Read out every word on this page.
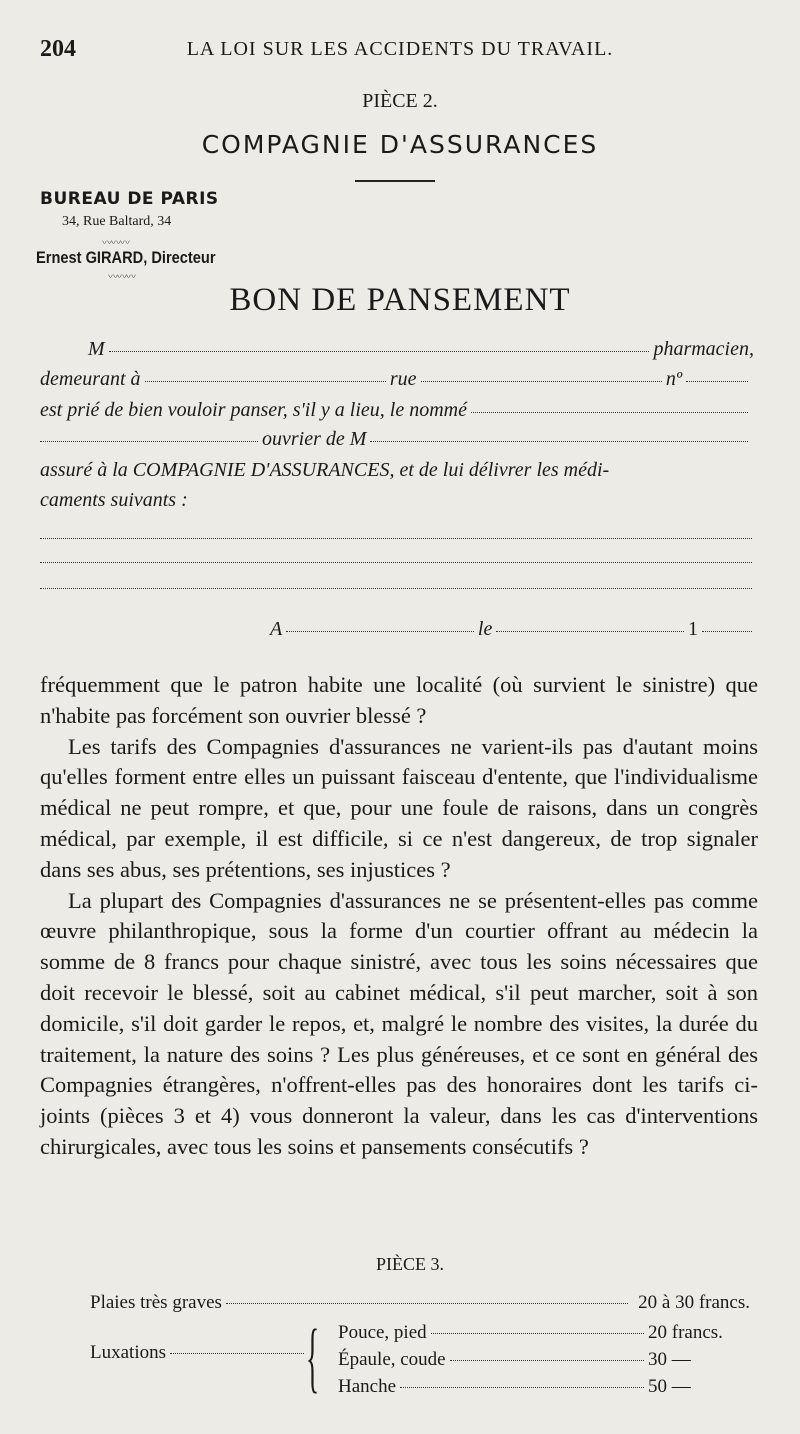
204	LA LOI SUR LES ACCIDENTS DU TRAVAIL.
PIÈCE 2.
COMPAGNIE D'ASSURANCES
BUREAU DE PARIS
34, Rue Baltard, 34
〰〰〰
Ernest GIRARD, Directeur
〰〰〰
BON DE PANSEMENT
M	pharmacien,
demeurant à	rue	nº
est prié de bien vouloir panser, s'il y a lieu, le nommé
ouvrier de M
assuré à la COMPAGNIE D'ASSURANCES, et de lui délivrer les médi-
caments suivants :
A	le	1

fréquemment que le patron habite une localité (où survient le sinistre) que n'habite pas forcément son ouvrier blessé ?

Les tarifs des Compagnies d'assurances ne varient-ils pas d'autant moins qu'elles forment entre elles un puissant faisceau d'entente, que l'individualisme médical ne peut rompre, et que, pour une foule de raisons, dans un congrès médical, par exemple, il est difficile, si ce n'est dangereux, de trop signaler dans ses abus, ses prétentions, ses injustices ?

La plupart des Compagnies d'assurances ne se présentent-elles pas comme œuvre philanthropique, sous la forme d'un courtier offrant au médecin la somme de 8 francs pour chaque sinistré, avec tous les soins nécessaires que doit recevoir le blessé, soit au cabinet médical, s'il peut marcher, soit à son domicile, s'il doit garder le repos, et, malgré le nombre des visites, la durée du traitement, la nature des soins ? Les plus généreuses, et ce sont en général des Compagnies étrangères, n'offrent-elles pas des honoraires dont les tarifs ci-joints (pièces 3 et 4) vous donneront la valeur, dans les cas d'interventions chirurgicales, avec tous les soins et pansements consécutifs ?

PIÈCE 3.
Plaies très graves	20 à 30 francs.
Luxations { Pouce, pied	20 francs.
Épaule, coude	30 —
Hanche	50 —
